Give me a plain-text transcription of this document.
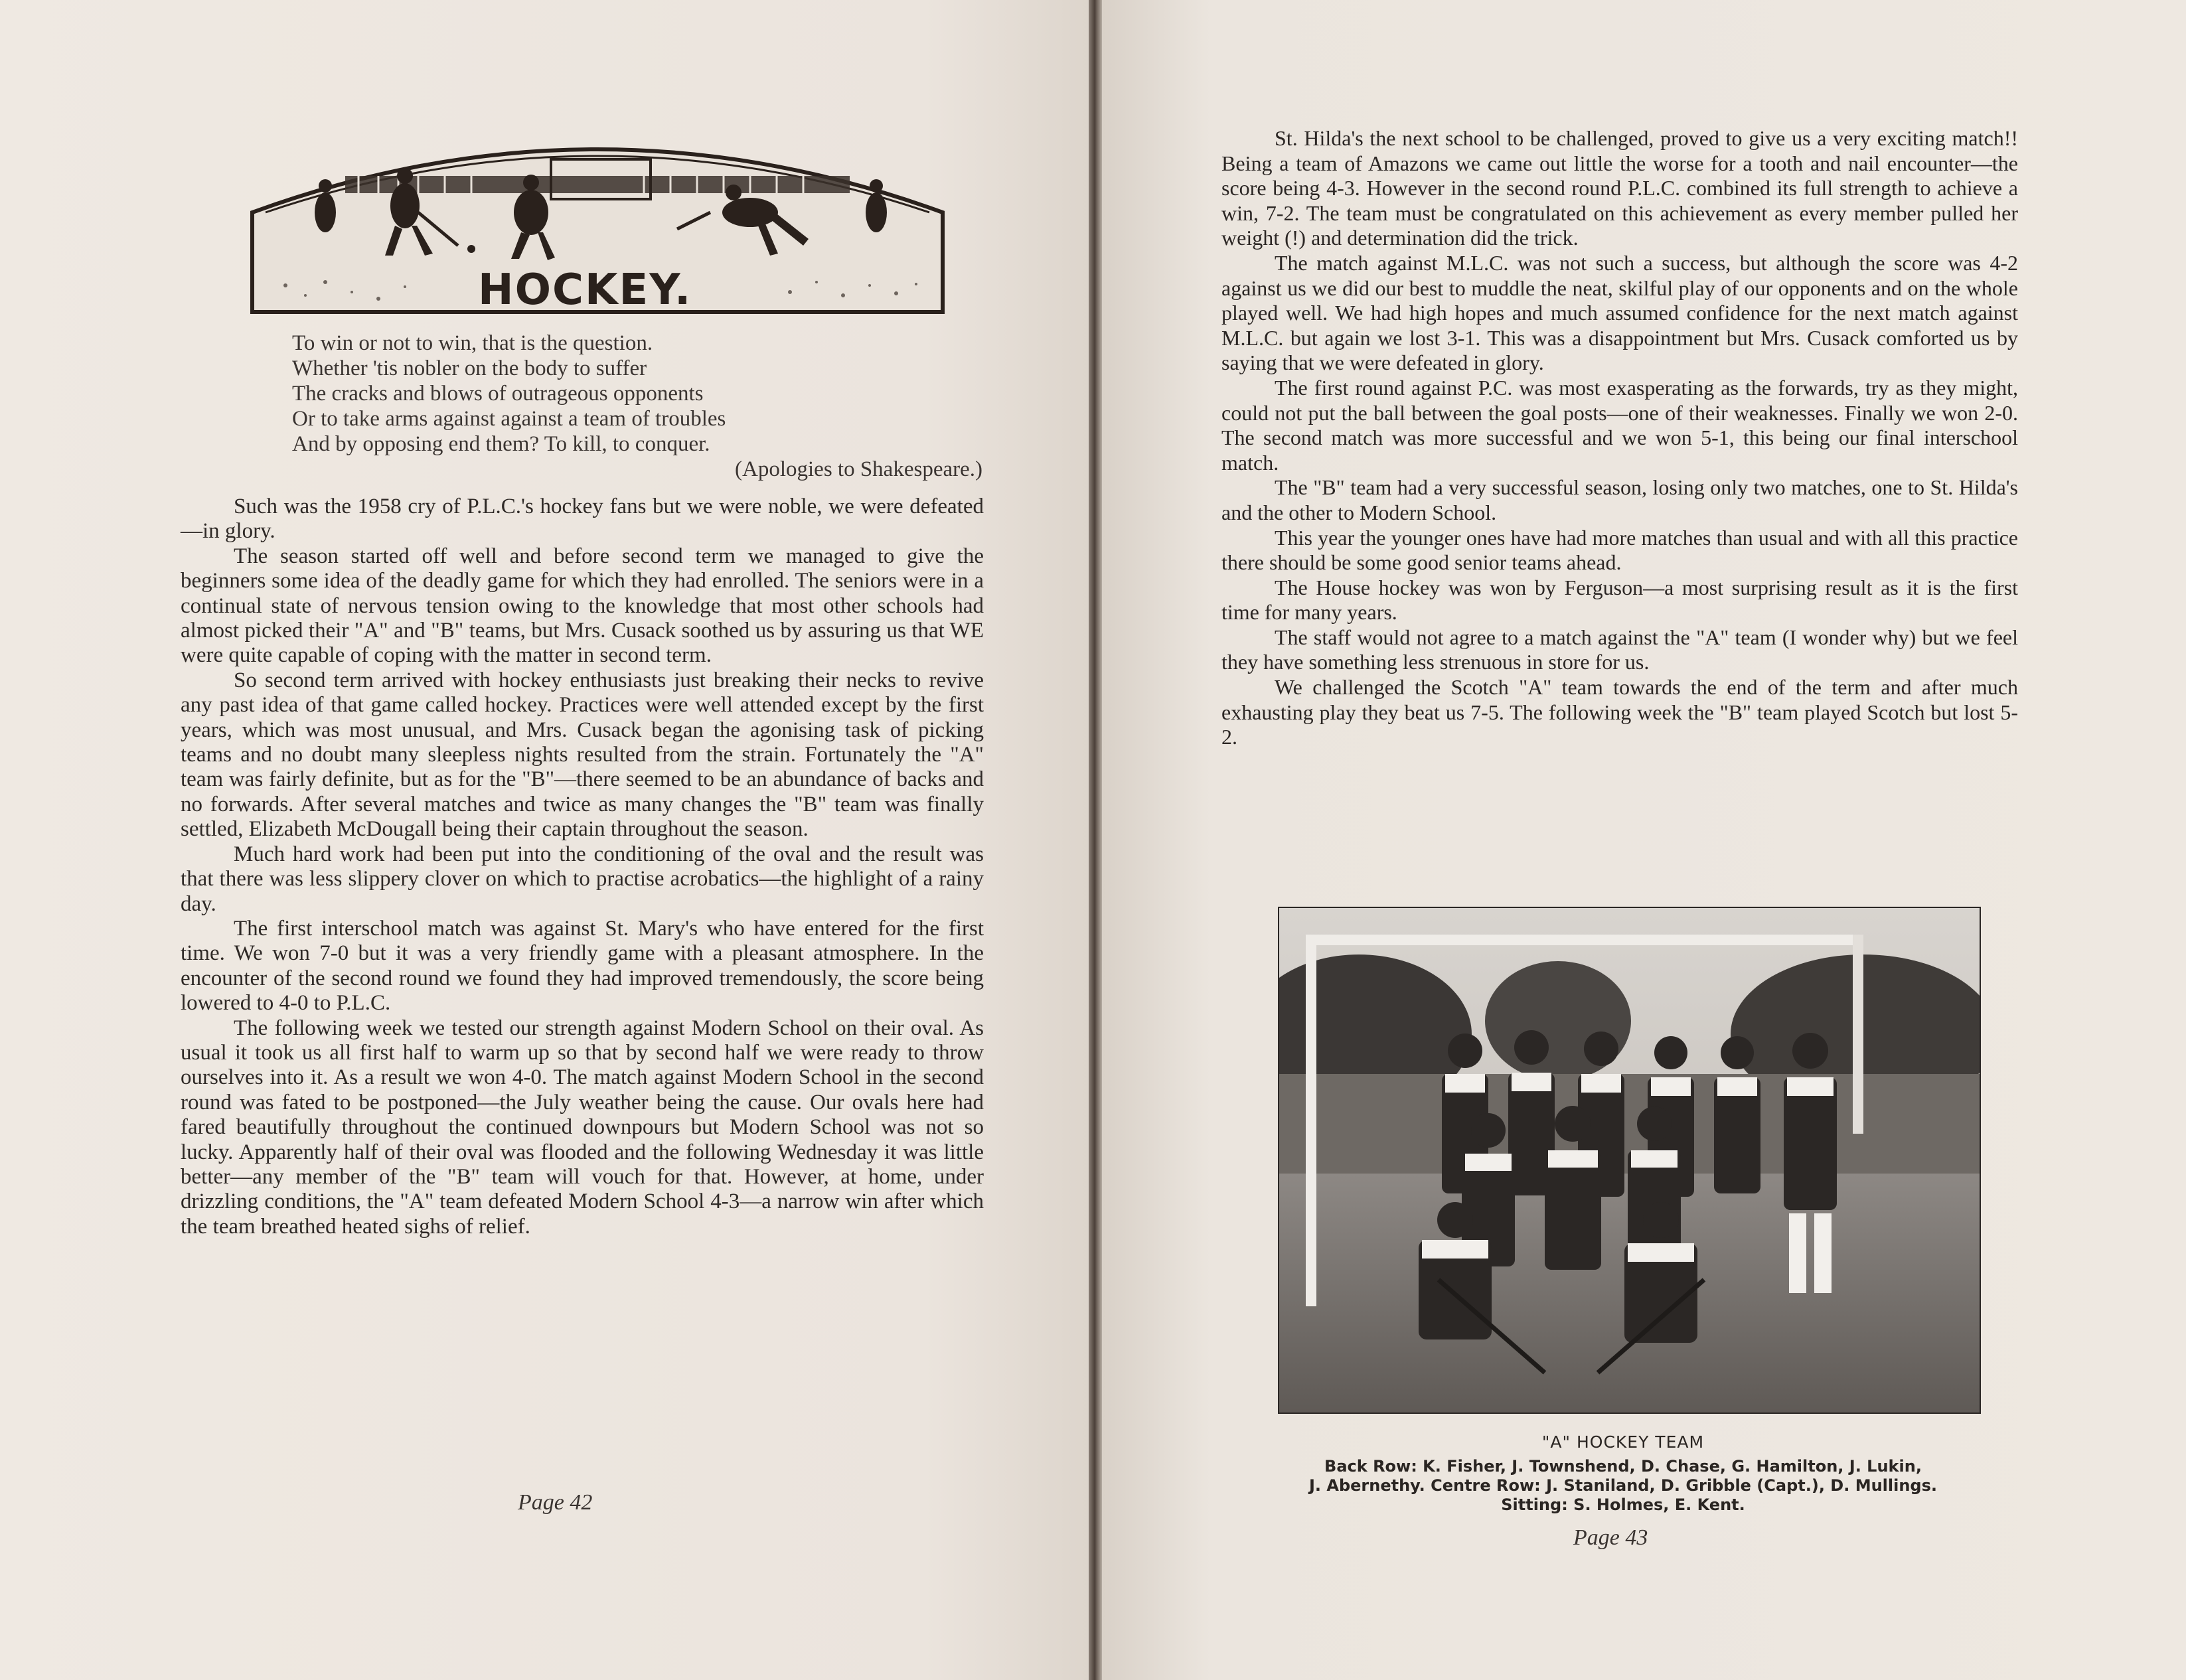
HOCKEY.
To win or not to win, that is the question.
Whether 'tis nobler on the body to suffer
The cracks and blows of outrageous opponents
Or to take arms against against a team of troubles
And by opposing end them? To kill, to conquer.
(Apologies to Shakespeare.)

Such was the 1958 cry of P.L.C.'s hockey fans but we were noble, we were defeated—in glory.

The season started off well and before second term we managed to give the beginners some idea of the deadly game for which they had enrolled. The seniors were in a continual state of nervous tension owing to the knowledge that most other schools had almost picked their "A" and "B" teams, but Mrs. Cusack soothed us by assuring us that WE were quite capable of coping with the matter in second term.

So second term arrived with hockey enthusiasts just breaking their necks to revive any past idea of that game called hockey. Practices were well attended except by the first years, which was most unusual, and Mrs. Cusack began the agonising task of picking teams and no doubt many sleepless nights resulted from the strain. Fortunately the "A" team was fairly definite, but as for the "B"—there seemed to be an abundance of backs and no forwards. After several matches and twice as many changes the "B" team was finally settled, Elizabeth McDougall being their captain throughout the season.

Much hard work had been put into the conditioning of the oval and the result was that there was less slippery clover on which to practise acrobatics—the highlight of a rainy day.

The first interschool match was against St. Mary's who have entered for the first time. We won 7-0 but it was a very friendly game with a pleasant atmosphere. In the encounter of the second round we found they had improved tremendously, the score being lowered to 4-0 to P.L.C.

The following week we tested our strength against Modern School on their oval. As usual it took us all first half to warm up so that by second half we were ready to throw ourselves into it. As a result we won 4-0. The match against Modern School in the second round was fated to be postponed—the July weather being the cause. Our ovals here had fared beautifully throughout the continued downpours but Modern School was not so lucky. Apparently half of their oval was flooded and the following Wednesday it was little better—any member of the "B" team will vouch for that. However, at home, under drizzling conditions, the "A" team defeated Modern School 4-3—a narrow win after which the team breathed heated sighs of relief.

Page 42

St. Hilda's the next school to be challenged, proved to give us a very exciting match!! Being a team of Amazons we came out little the worse for a tooth and nail encounter—the score being 4-3. However in the second round P.L.C. combined its full strength to achieve a win, 7-2. The team must be congratulated on this achievement as every member pulled her weight (!) and determination did the trick.

The match against M.L.C. was not such a success, but although the score was 4-2 against us we did our best to muddle the neat, skilful play of our opponents and on the whole played well. We had high hopes and much assumed confidence for the next match against M.L.C. but again we lost 3-1. This was a disappointment but Mrs. Cusack comforted us by saying that we were defeated in glory.

The first round against P.C. was most exasperating as the forwards, try as they might, could not put the ball between the goal posts—one of their weaknesses. Finally we won 2-0. The second match was more successful and we won 5-1, this being our final interschool match.

The "B" team had a very successful season, losing only two matches, one to St. Hilda's and the other to Modern School.

This year the younger ones have had more matches than usual and with all this practice there should be some good senior teams ahead.

The House hockey was won by Ferguson—a most surprising result as it is the first time for many years.

The staff would not agree to a match against the "A" team (I wonder why) but we feel they have something less strenuous in store for us.

We challenged the Scotch "A" team towards the end of the term and after much exhausting play they beat us 7-5. The following week the "B" team played Scotch but lost 5-2.

"A" HOCKEY TEAM
Back Row: K. Fisher, J. Townshend, D. Chase, G. Hamilton, J. Lukin,
J. Abernethy. Centre Row: J. Staniland, D. Gribble (Capt.), D. Mullings.
Sitting: S. Holmes, E. Kent.
Page 43
